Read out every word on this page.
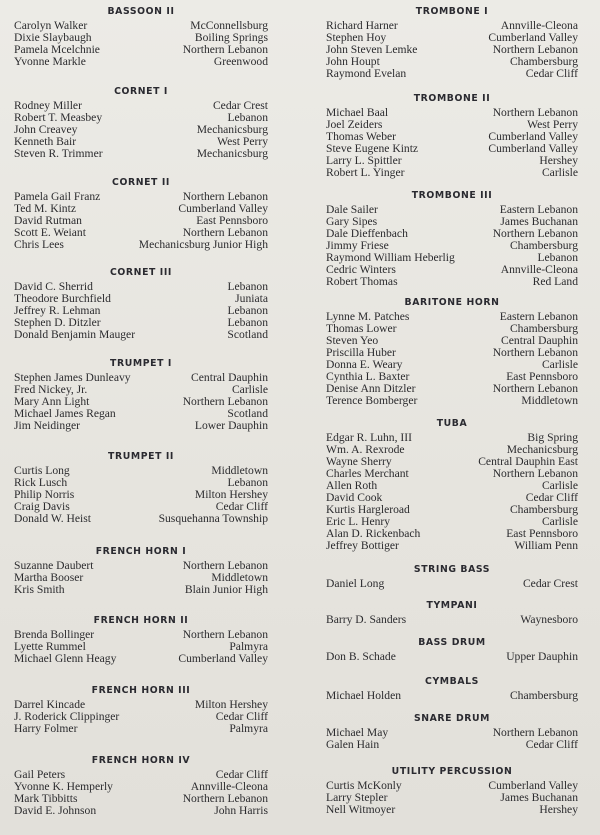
BASSOON II
Carolyn Walker	McConnellsburg
Dixie Slaybaugh	Boiling Springs
Pamela Mcelchnie	Northern Lebanon
Yvonne Markle	Greenwood
CORNET I
Rodney Miller	Cedar Crest
Robert T. Measbey	Lebanon
John Creavey	Mechanicsburg
Kenneth Bair	West Perry
Steven R. Trimmer	Mechanicsburg
CORNET II
Pamela Gail Franz	Northern Lebanon
Ted M. Kintz	Cumberland Valley
David Rutman	East Pennsboro
Scott E. Weiant	Northern Lebanon
Chris Lees	Mechanicsburg Junior High
CORNET III
David C. Sherrid	Lebanon
Theodore Burchfield	Juniata
Jeffrey R. Lehman	Lebanon
Stephen D. Ditzler	Lebanon
Donald Benjamin Mauger	Scotland
TRUMPET I
Stephen James Dunleavy	Central Dauphin
Fred Nickey, Jr.	Carlisle
Mary Ann Light	Northern Lebanon
Michael James Regan	Scotland
Jim Neidinger	Lower Dauphin
TRUMPET II
Curtis Long	Middletown
Rick Lusch	Lebanon
Philip Norris	Milton Hershey
Craig Davis	Cedar Cliff
Donald W. Heist	Susquehanna Township
FRENCH HORN I
Suzanne Daubert	Northern Lebanon
Martha Booser	Middletown
Kris Smith	Blain Junior High
FRENCH HORN II
Brenda Bollinger	Northern Lebanon
Lyette Rummel	Palmyra
Michael Glenn Heagy	Cumberland Valley
FRENCH HORN III
Darrel Kincade	Milton Hershey
J. Roderick Clippinger	Cedar Cliff
Harry Folmer	Palmyra
FRENCH HORN IV
Gail Peters	Cedar Cliff
Yvonne K. Hemperly	Annville-Cleona
Mark Tibbitts	Northern Lebanon
David E. Johnson	John Harris
TROMBONE I
Richard Harner	Annville-Cleona
Stephen Hoy	Cumberland Valley
John Steven Lemke	Northern Lebanon
John Houpt	Chambersburg
Raymond Evelan	Cedar Cliff
TROMBONE II
Michael Baal	Northern Lebanon
Joel Zeiders	West Perry
Thomas Weber	Cumberland Valley
Steve Eugene Kintz	Cumberland Valley
Larry L. Spittler	Hershey
Robert L. Yinger	Carlisle
TROMBONE III
Dale Sailer	Eastern Lebanon
Gary Sipes	James Buchanan
Dale Dieffenbach	Northern Lebanon
Jimmy Friese	Chambersburg
Raymond William Heberlig	Lebanon
Cedric Winters	Annville-Cleona
Robert Thomas	Red Land
BARITONE HORN
Lynne M. Patches	Eastern Lebanon
Thomas Lower	Chambersburg
Steven Yeo	Central Dauphin
Priscilla Huber	Northern Lebanon
Donna E. Weary	Carlisle
Cynthia L. Baxter	East Pennsboro
Denise Ann Ditzler	Northern Lebanon
Terence Bomberger	Middletown
TUBA
Edgar R. Luhn, III	Big Spring
Wm. A. Rexrode	Mechanicsburg
Wayne Sherry	Central Dauphin East
Charles Merchant	Northern Lebanon
Allen Roth	Carlisle
David Cook	Cedar Cliff
Kurtis Hargleroad	Chambersburg
Eric L. Henry	Carlisle
Alan D. Rickenbach	East Pennsboro
Jeffrey Bottiger	William Penn
STRING BASS
Daniel Long	Cedar Crest
TYMPANI
Barry D. Sanders	Waynesboro
BASS DRUM
Don B. Schade	Upper Dauphin
CYMBALS
Michael Holden	Chambersburg
SNARE DRUM
Michael May	Northern Lebanon
Galen Hain	Cedar Cliff
UTILITY PERCUSSION
Curtis McKonly	Cumberland Valley
Larry Stepler	James Buchanan
Nell Witmoyer	Hershey
